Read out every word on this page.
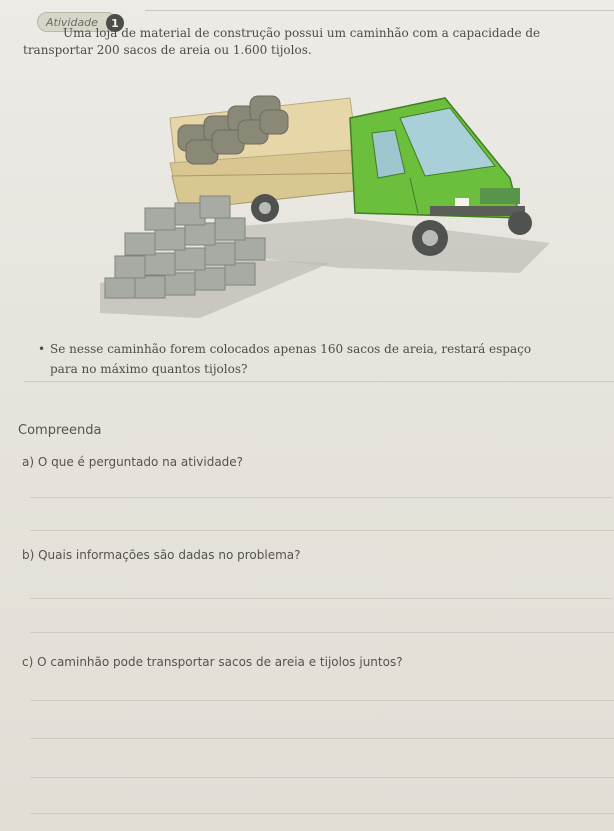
Atividade	1
Uma loja de material de construção possui um caminhão com a capacidade de
transportar 200 sacos de areia ou 1.600 tijolos.
• Se nesse caminhão forem colocados apenas 160 sacos de areia, restará espaço
para no máximo quantos tijolos?
Compreenda
a) O que é perguntado na atividade?
b) Quais informações são dadas no problema?
c) O caminhão pode transportar sacos de areia e tijolos juntos?
